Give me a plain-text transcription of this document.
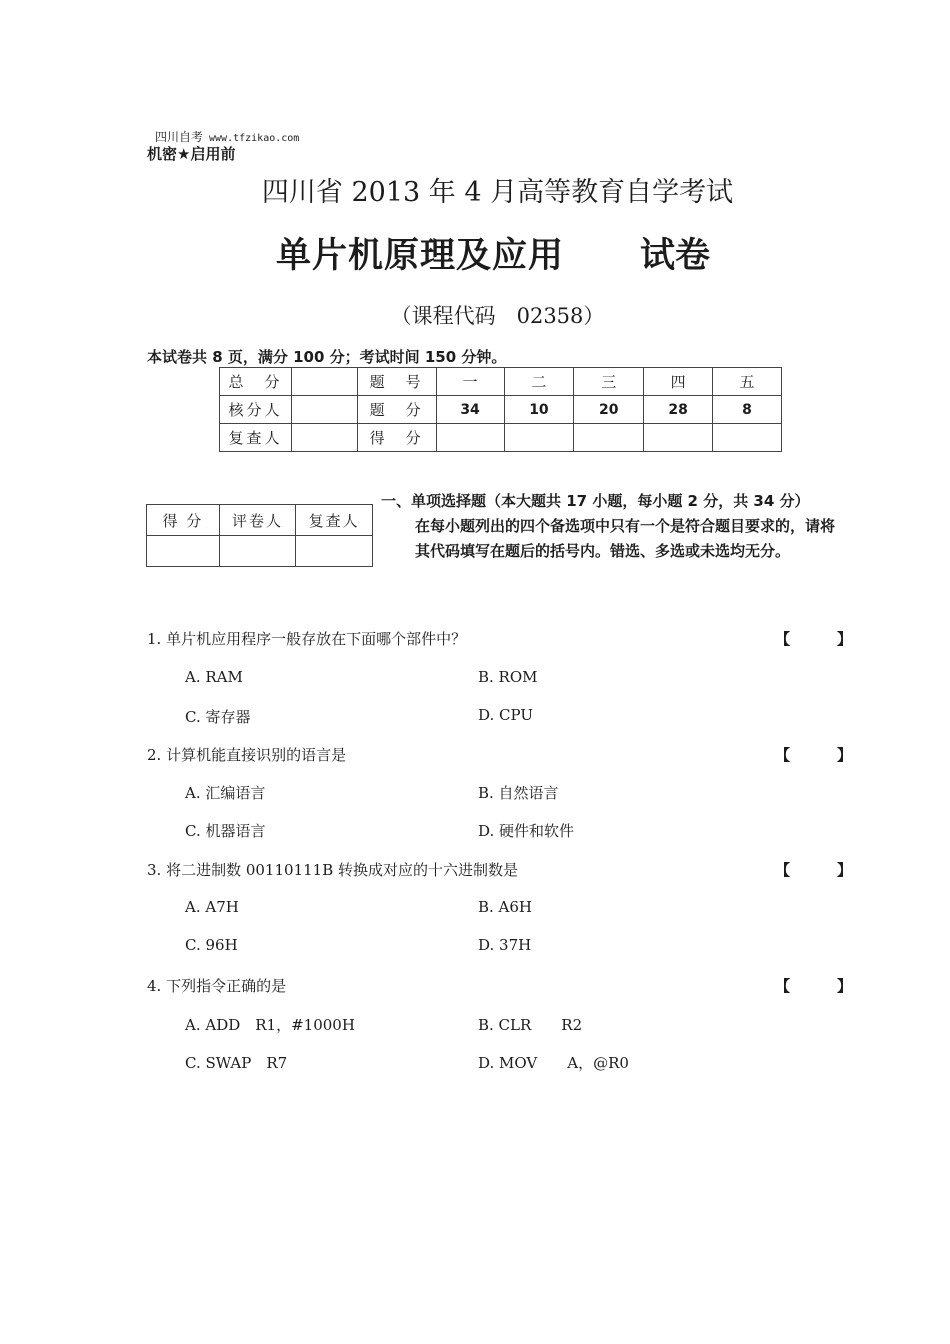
四川自考 www.tfzikao.com
机密★启用前
四川省 2013 年 4 月高等教育自学考试
单片机原理及应用 试卷
（课程代码　02358）
本试卷共 8 页，满分 100 分；考试时间 150 分钟。
总　分		题　号	一	二	三	四	五
核分人		题　分	34	10	20	28	8
复查人		得　分					
得 分	评卷人	复查人

一、单项选择题（本大题共 17 小题，每小题 2 分，共 34 分）
在每小题列出的四个备选项中只有一个是符合题目要求的，请将其代码填写在题后的括号内。错选、多选或未选均无分。
1. 单片机应用程序一般存放在下面哪个部件中？	【	】
A. RAM	B. ROM
C. 寄存器	D. CPU
2. 计算机能直接识别的语言是	【	】
A. 汇编语言	B. 自然语言
C. 机器语言	D. 硬件和软件
3. 将二进制数 00110111B 转换成对应的十六进制数是	【	】
A. A7H	B. A6H
C. 96H	D. 37H
4. 下列指令正确的是	【	】
A. ADD　R1，#1000H	B. CLR　　R2
C. SWAP　R7	D. MOV　　A，@R0
